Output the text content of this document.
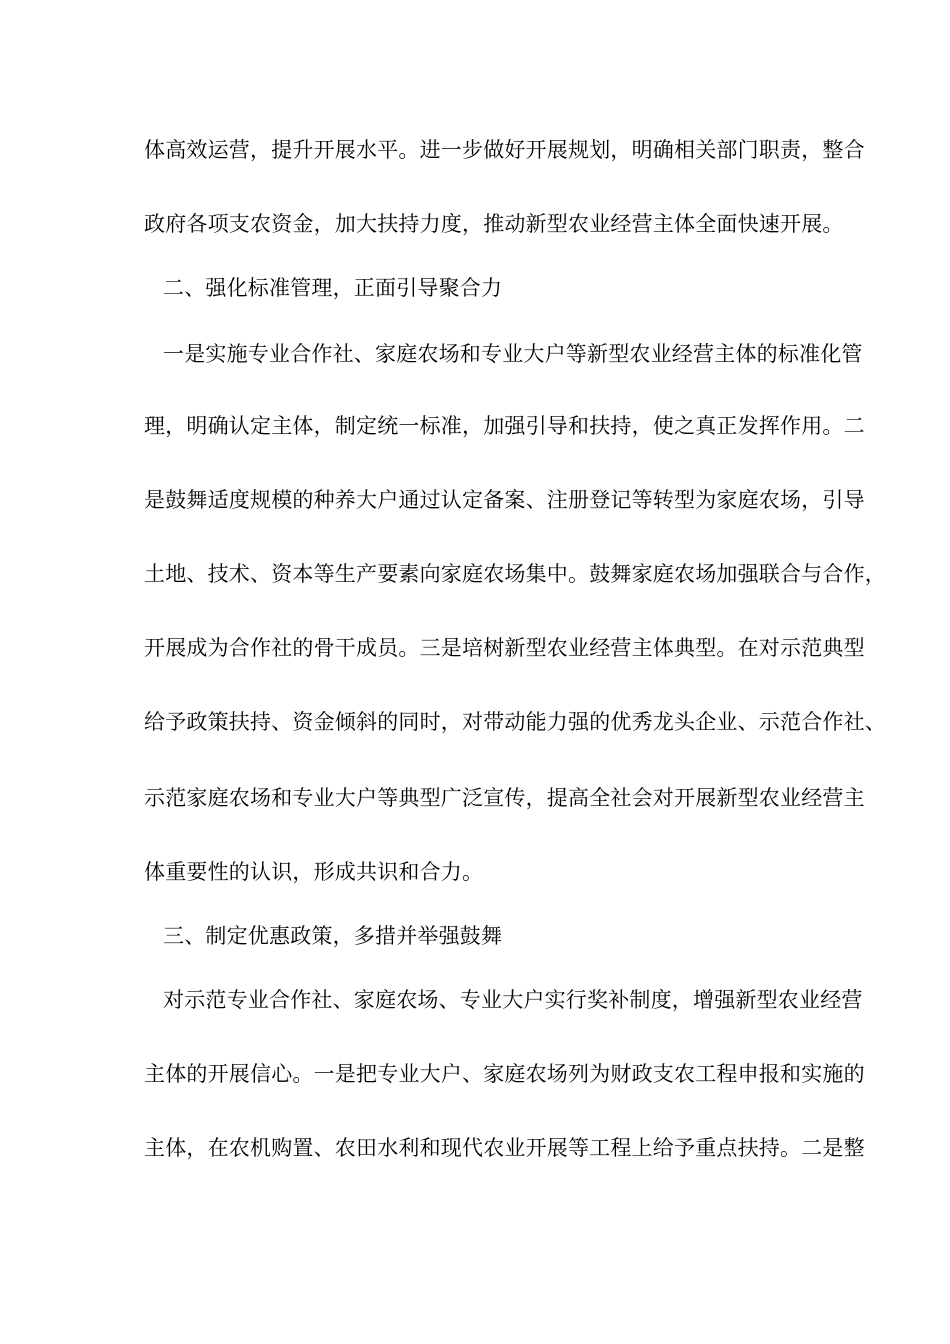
体高效运营，提升开展水平。进一步做好开展规划，明确相关部门职责，整合
政府各项支农资金，加大扶持力度，推动新型农业经营主体全面快速开展。
二、强化标准管理，正面引导聚合力
一是实施专业合作社、家庭农场和专业大户等新型农业经营主体的标准化管
理，明确认定主体，制定统一标准，加强引导和扶持，使之真正发挥作用。二
是鼓舞适度规模的种养大户通过认定备案、注册登记等转型为家庭农场，引导
土地、技术、资本等生产要素向家庭农场集中。鼓舞家庭农场加强联合与合作，
开展成为合作社的骨干成员。三是培树新型农业经营主体典型。在对示范典型
给予政策扶持、资金倾斜的同时，对带动能力强的优秀龙头企业、示范合作社、
示范家庭农场和专业大户等典型广泛宣传，提高全社会对开展新型农业经营主
体重要性的认识，形成共识和合力。
三、制定优惠政策，多措并举强鼓舞
对示范专业合作社、家庭农场、专业大户实行奖补制度，增强新型农业经营
主体的开展信心。一是把专业大户、家庭农场列为财政支农工程申报和实施的
主体，在农机购置、农田水利和现代农业开展等工程上给予重点扶持。二是整
